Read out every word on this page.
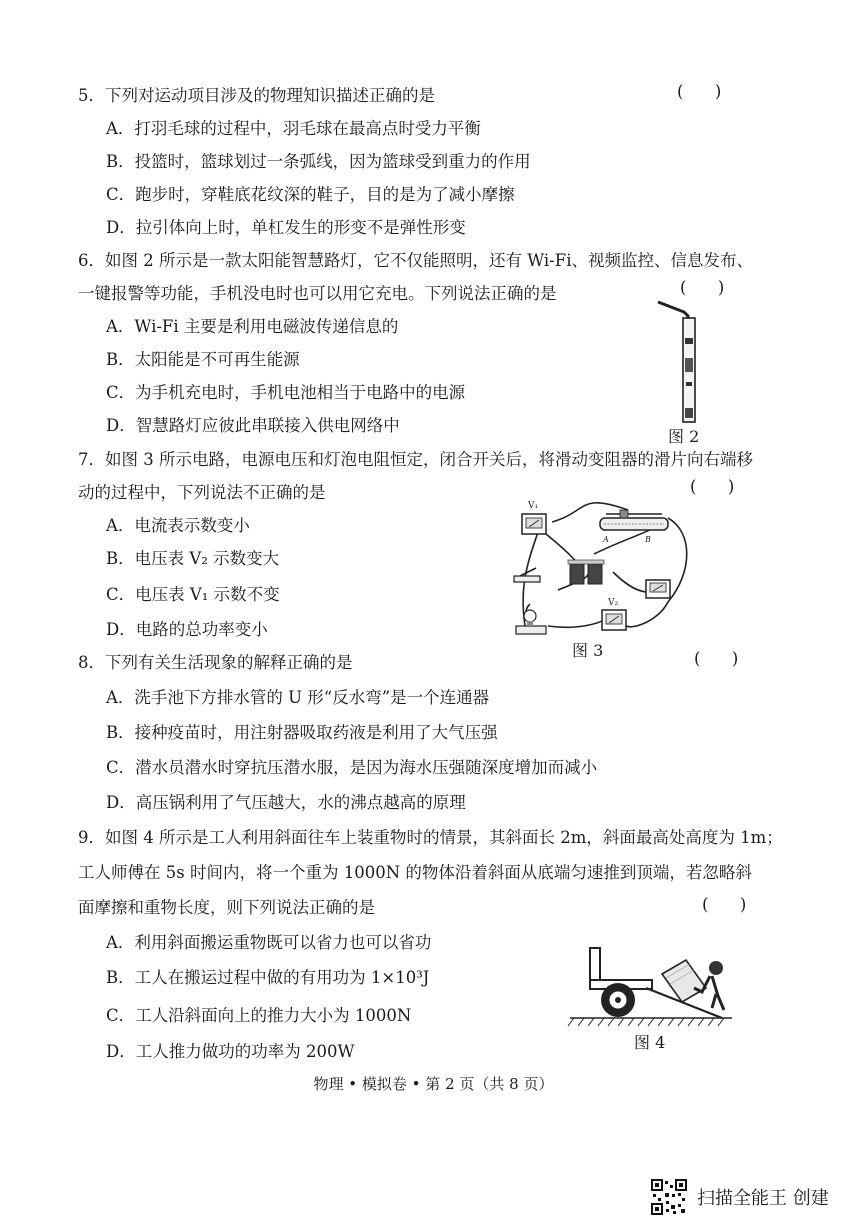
5．下列对运动项目涉及的物理知识描述正确的是	(      )
A．打羽毛球的过程中，羽毛球在最高点时受力平衡
B．投篮时，篮球划过一条弧线，因为篮球受到重力的作用
C．跑步时，穿鞋底花纹深的鞋子，目的是为了减小摩擦
D．拉引体向上时，单杠发生的形变不是弹性形变
6．如图 2 所示是一款太阳能智慧路灯，它不仅能照明，还有 Wi-Fi、视频监控、信息发布、
一键报警等功能，手机没电时也可以用它充电。下列说法正确的是	(      )
A．Wi-Fi 主要是利用电磁波传递信息的
B．太阳能是不可再生能源
C．为手机充电时，手机电池相当于电路中的电源
D．智慧路灯应彼此串联接入供电网络中
图 2
7．如图 3 所示电路，电源电压和灯泡电阻恒定，闭合开关后，将滑动变阻器的滑片向右端移
动的过程中，下列说法不正确的是	(      )
A．电流表示数变小
B．电压表 V₂ 示数变大
C．电压表 V₁ 示数不变
D．电路的总功率变小
V₁
A	B
V₂
图 3
8．下列有关生活现象的解释正确的是	(      )
A．洗手池下方排水管的 U 形“反水弯”是一个连通器
B．接种疫苗时，用注射器吸取药液是利用了大气压强
C．潜水员潜水时穿抗压潜水服，是因为海水压强随深度增加而减小
D．高压锅利用了气压越大，水的沸点越高的原理
9．如图 4 所示是工人利用斜面往车上装重物时的情景，其斜面长 2m，斜面最高处高度为 1m；
工人师傅在 5s 时间内，将一个重为 1000N 的物体沿着斜面从底端匀速推到顶端，若忽略斜
面摩擦和重物长度，则下列说法正确的是	(      )
A．利用斜面搬运重物既可以省力也可以省功
B．工人在搬运过程中做的有用功为 1×10³J
C．工人沿斜面向上的推力大小为 1000N
D．工人推力做功的功率为 200W	图 4
物理 • 模拟卷 • 第 2 页（共 8 页）
扫描全能王 创建
